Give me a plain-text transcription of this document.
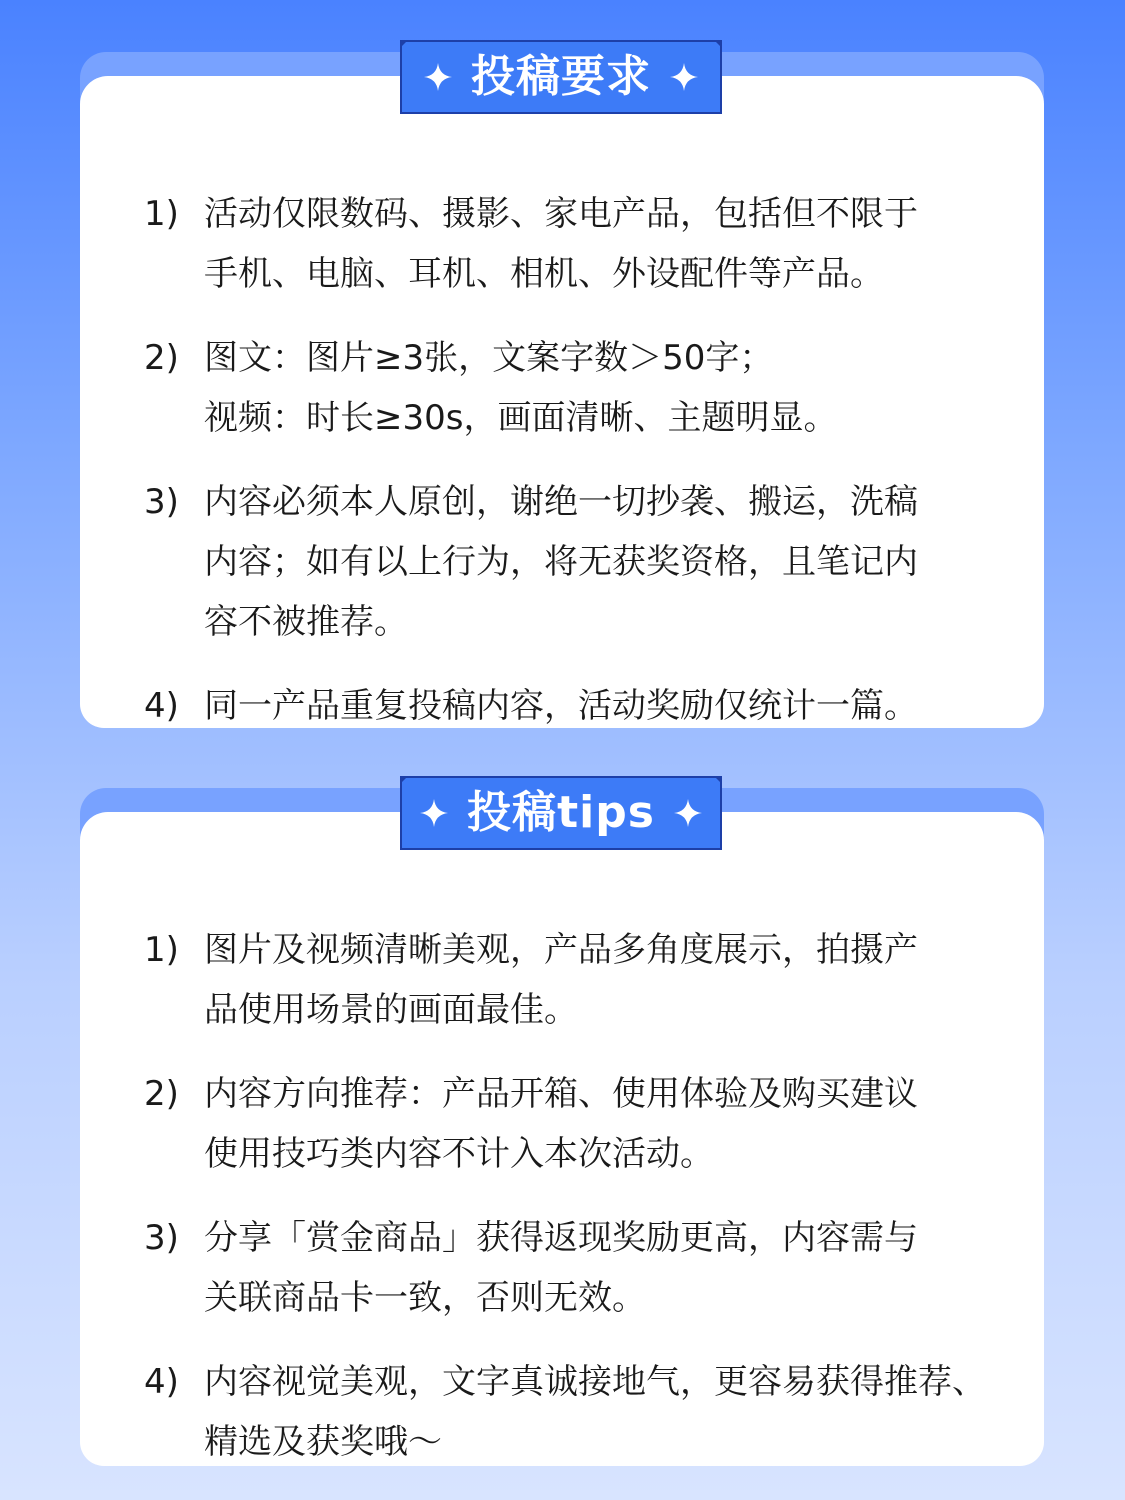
1) 活动仅限数码、摄影、家电产品，包括但不限于
手机、电脑、耳机、相机、外设配件等产品。
2) 图文：图片≥3张，文案字数＞50字；
视频：时长≥30s，画面清晰、主题明显。
3) 内容必须本人原创，谢绝一切抄袭、搬运，洗稿
内容；如有以上行为，将无获奖资格，且笔记内
容不被推荐。
4) 同一产品重复投稿内容，活动奖励仅统计一篇。
投稿要求
1) 图片及视频清晰美观，产品多角度展示，拍摄产
品使用场景的画面最佳。
2) 内容方向推荐：产品开箱、使用体验及购买建议
使用技巧类内容不计入本次活动。
3) 分享「赏金商品」获得返现奖励更高，内容需与
关联商品卡一致，否则无效。
4) 内容视觉美观，文字真诚接地气，更容易获得推荐、
精选及获奖哦～
投稿tips
